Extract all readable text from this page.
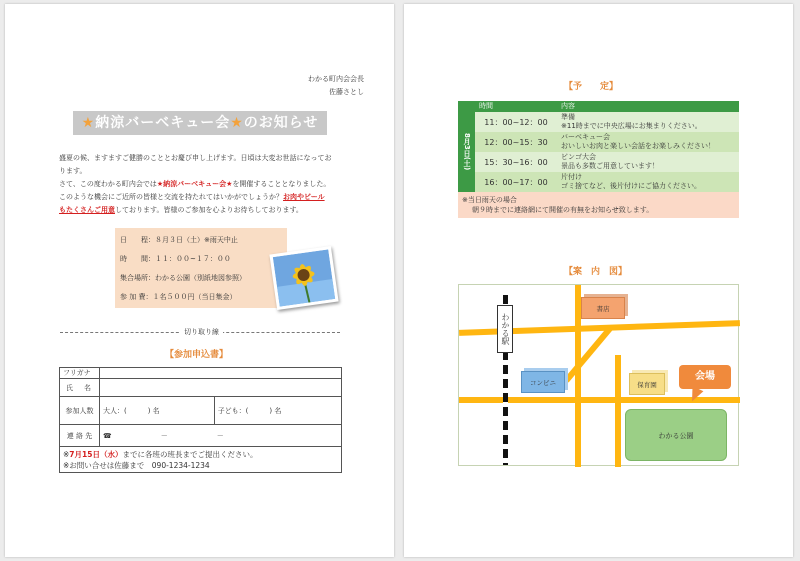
わかる町内会会長
佐藤さとし
★納涼バーベキュー会★のお知らせ
盛夏の候、ますますご健勝のこととお慶び申し上げます。日頃は大変お世話になってお
ります。
さて、この度わかる町内会では★納涼バーベキュー会★を開催することとなりました。
このような機会にご近所の皆様と交流を持たれてはいかがでしょうか？お肉やビール
もたくさんご用意しております。皆様のご参加を心よりお待ちしております。
日　　程：８月３日（土）※雨天中止
時　　間：１１：００~１７：００
集合場所：わかる公園（別紙地図参照）
参 加 費：１名５００円（当日集金）
切り取り線
【参加申込書】
フリガナ		
氏　名		
参加人数	大人：(　　　) 名	子ども：(　　　) 名
連 絡 先	☎　　　　　　　－　　　　　　　－	

※7月15日（水）までに各班の班長までご提出ください。
※お問い合せは佐藤まで　090-1234-1234		
【予　　定】
	時間	内容
8月3日(土)	11：00~12：00	準備
※11時までに中央広場にお集まりください。

	12：00~15：30	バーベキュー会
おいしいお肉と楽しい会話をお楽しみください！

	15：30~16：00	ビンゴ大会
景品も多数ご用意しています！

	16：00~17：00	片付け
ゴミ捨てなど、後片付けにご協力ください。

※当日雨天の場合
朝９時までに連絡網にて開催の有無をお知らせ致します。		
【案　内　図】
わかる駅
書店
コンビニ	保育園
わかる公園
会場
